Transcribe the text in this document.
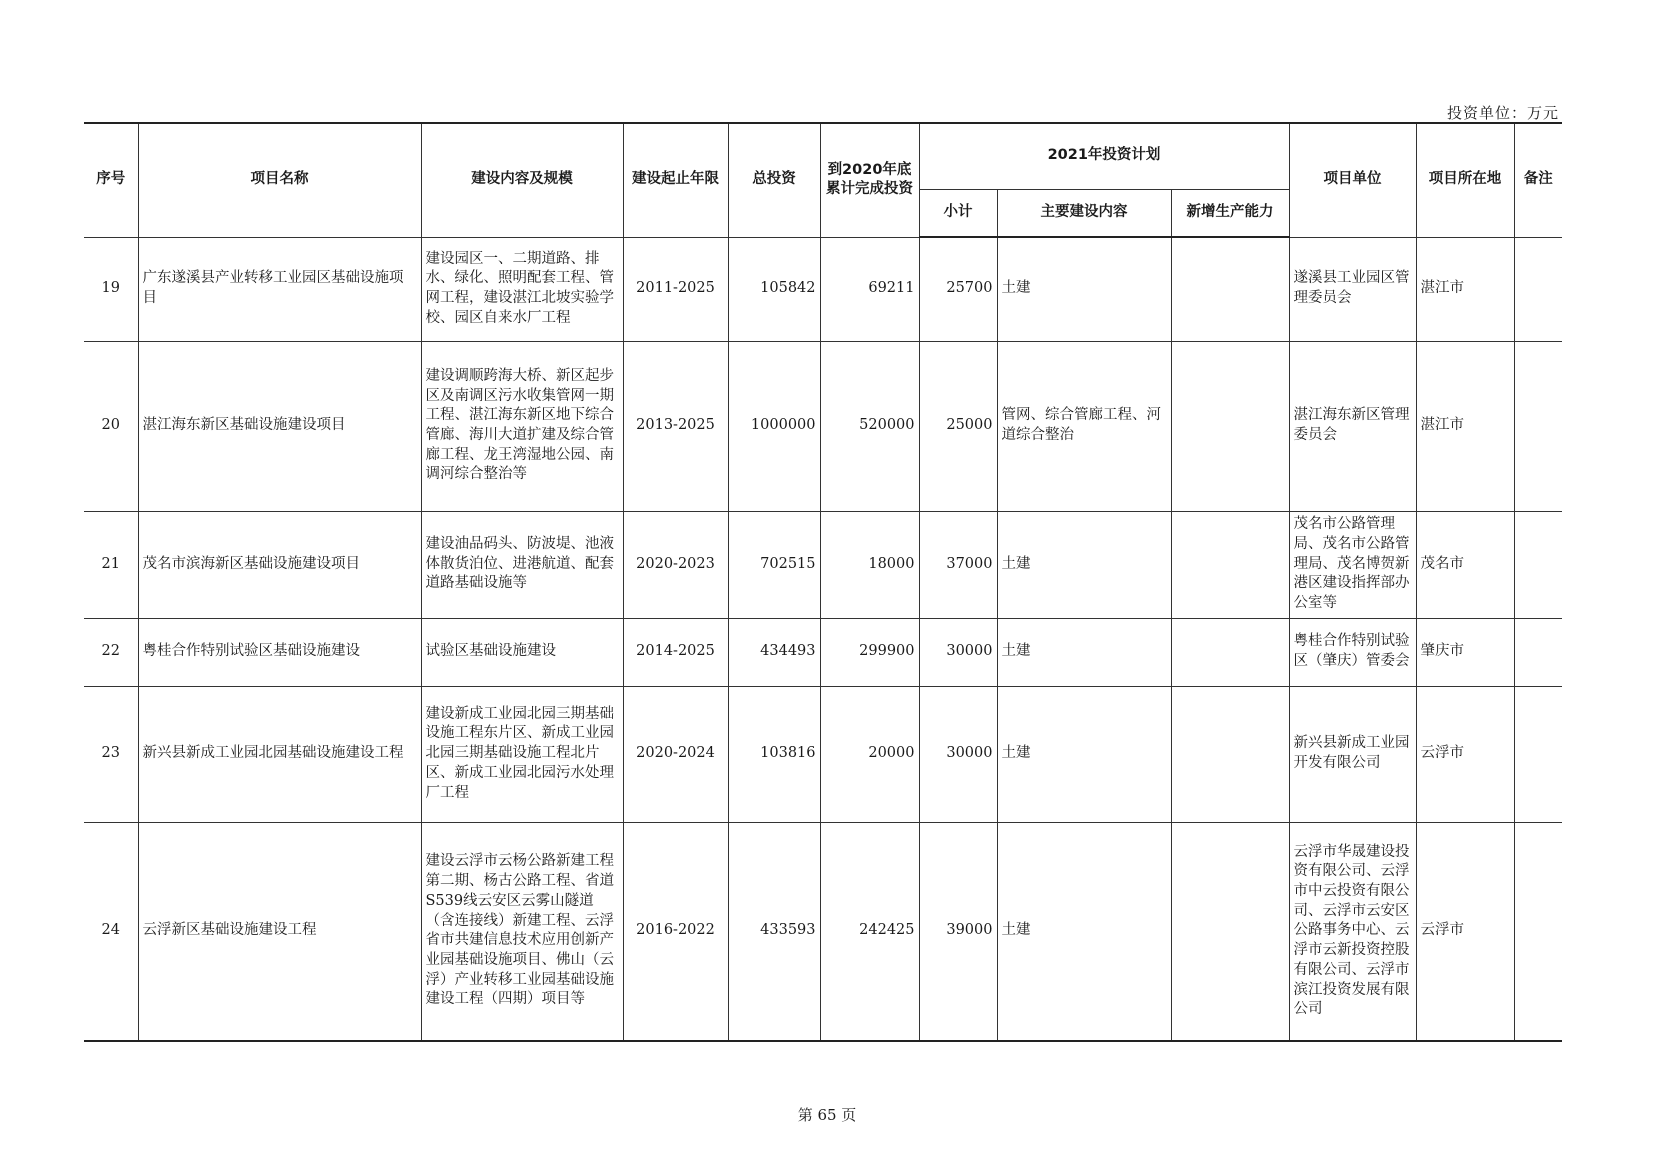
投资单位：万元
序号	项目名称	建设内容及规模	建设起止年限	总投资	到2020年底累计完成投资	2021年投资计划			项目单位	项目所在地	备注
						小计	主要建设内容	新增生产能力			
19	广东遂溪县产业转移工业园区基础设施项目	建设园区一、二期道路、排水、绿化、照明配套工程、管网工程，建设湛江北坡实验学校、园区自来水厂工程	2011-2025	105842	69211	25700	土建		遂溪县工业园区管理委员会	湛江市	
20	湛江海东新区基础设施建设项目	建设调顺跨海大桥、新区起步区及南调区污水收集管网一期工程、湛江海东新区地下综合管廊、海川大道扩建及综合管廊工程、龙王湾湿地公园、南调河综合整治等	2013-2025	1000000	520000	25000	管网、综合管廊工程、河道综合整治		湛江海东新区管理委员会	湛江市	
21	茂名市滨海新区基础设施建设项目	建设油品码头、防波堤、池液体散货泊位、进港航道、配套道路基础设施等	2020-2023	702515	18000	37000	土建		茂名市公路管理局、茂名市公路管理局、茂名博贺新港区建设指挥部办公室等	茂名市	
22	粤桂合作特别试验区基础设施建设	试验区基础设施建设	2014-2025	434493	299900	30000	土建		粤桂合作特别试验区（肇庆）管委会	肇庆市	
23	新兴县新成工业园北园基础设施建设工程	建设新成工业园北园三期基础设施工程东片区、新成工业园北园三期基础设施工程北片区、新成工业园北园污水处理厂工程	2020-2024	103816	20000	30000	土建		新兴县新成工业园开发有限公司	云浮市	
24	云浮新区基础设施建设工程	建设云浮市云杨公路新建工程第二期、杨古公路工程、省道S539线云安区云雾山隧道（含连接线）新建工程、云浮省市共建信息技术应用创新产业园基础设施项目、佛山（云浮）产业转移工业园基础设施建设工程（四期）项目等	2016-2022	433593	242425	39000	土建		云浮市华晟建设投资有限公司、云浮市中云投资有限公司、云浮市云安区公路事务中心、云浮市云新投资控股有限公司、云浮市滨江投资发展有限公司	云浮市	
第 65 页
